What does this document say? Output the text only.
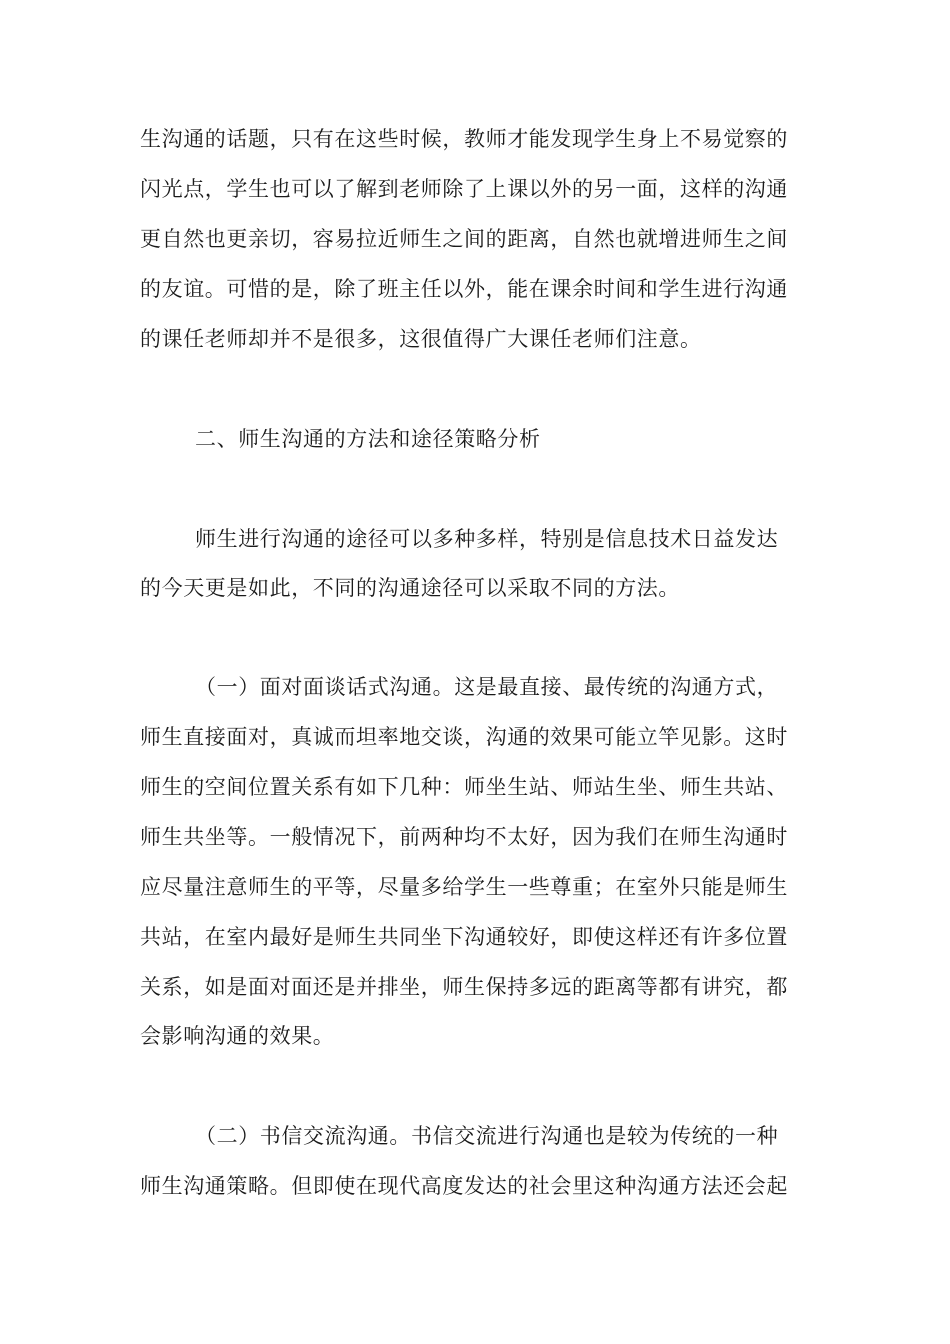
生沟通的话题，只有在这些时候，教师才能发现学生身上不易觉察的
闪光点，学生也可以了解到老师除了上课以外的另一面，这样的沟通
更自然也更亲切，容易拉近师生之间的距离，自然也就增进师生之间
的友谊。可惜的是，除了班主任以外，能在课余时间和学生进行沟通
的课任老师却并不是很多，这很值得广大课任老师们注意。
二、师生沟通的方法和途径策略分析
师生进行沟通的途径可以多种多样，特别是信息技术日益发达
的今天更是如此，不同的沟通途径可以采取不同的方法。
（一）面对面谈话式沟通。这是最直接、最传统的沟通方式，
师生直接面对，真诚而坦率地交谈，沟通的效果可能立竿见影。这时
师生的空间位置关系有如下几种：师坐生站、师站生坐、师生共站、
师生共坐等。一般情况下，前两种均不太好，因为我们在师生沟通时
应尽量注意师生的平等，尽量多给学生一些尊重；在室外只能是师生
共站，在室内最好是师生共同坐下沟通较好，即使这样还有许多位置
关系，如是面对面还是并排坐，师生保持多远的距离等都有讲究，都
会影响沟通的效果。
（二）书信交流沟通。书信交流进行沟通也是较为传统的一种
师生沟通策略。但即使在现代高度发达的社会里这种沟通方法还会起
